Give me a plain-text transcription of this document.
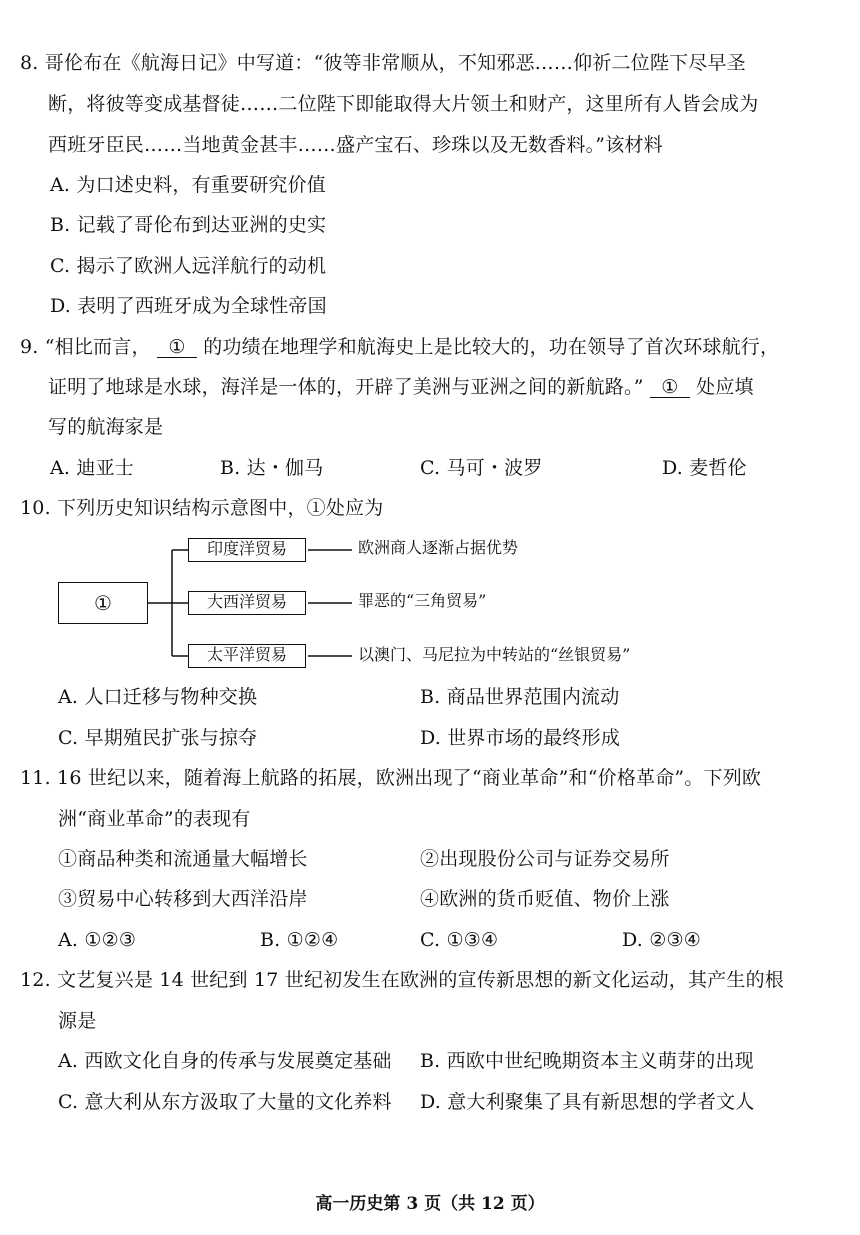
8. 哥伦布在《航海日记》中写道：“彼等非常顺从，不知邪恶……仰祈二位陛下尽早圣
断，将彼等变成基督徒……二位陛下即能取得大片领土和财产，这里所有人皆会成为
西班牙臣民……当地黄金甚丰……盛产宝石、珍珠以及无数香料。”该材料
A. 为口述史料，有重要研究价值
B. 记载了哥伦布到达亚洲的史实
C. 揭示了欧洲人远洋航行的动机
D. 表明了西班牙成为全球性帝国
9. “相比而言， ① 的功绩在地理学和航海史上是比较大的，功在领导了首次环球航行，
证明了地球是水球，海洋是一体的，开辟了美洲与亚洲之间的新航路。” ① 处应填
写的航海家是
A. 迪亚士	B. 达・伽马	C. 马可・波罗	D. 麦哲伦
10. 下列历史知识结构示意图中，①处应为
①
印度洋贸易
大西洋贸易
太平洋贸易
欧洲商人逐渐占据优势
罪恶的“三角贸易”
以澳门、马尼拉为中转站的“丝银贸易”
A. 人口迁移与物种交换	B. 商品世界范围内流动
C. 早期殖民扩张与掠夺	D. 世界市场的最终形成
11. 16 世纪以来，随着海上航路的拓展，欧洲出现了“商业革命”和“价格革命”。下列欧
洲“商业革命”的表现有
①商品种类和流通量大幅增长	②出现股份公司与证券交易所
③贸易中心转移到大西洋沿岸	④欧洲的货币贬值、物价上涨
A. ①②③	B. ①②④	C. ①③④	D. ②③④
12. 文艺复兴是 14 世纪到 17 世纪初发生在欧洲的宣传新思想的新文化运动，其产生的根
源是
A. 西欧文化自身的传承与发展奠定基础 B. 西欧中世纪晚期资本主义萌芽的出现
C. 意大利从东方汲取了大量的文化养料 D. 意大利聚集了具有新思想的学者文人
高一历史第 3 页（共 12 页）
